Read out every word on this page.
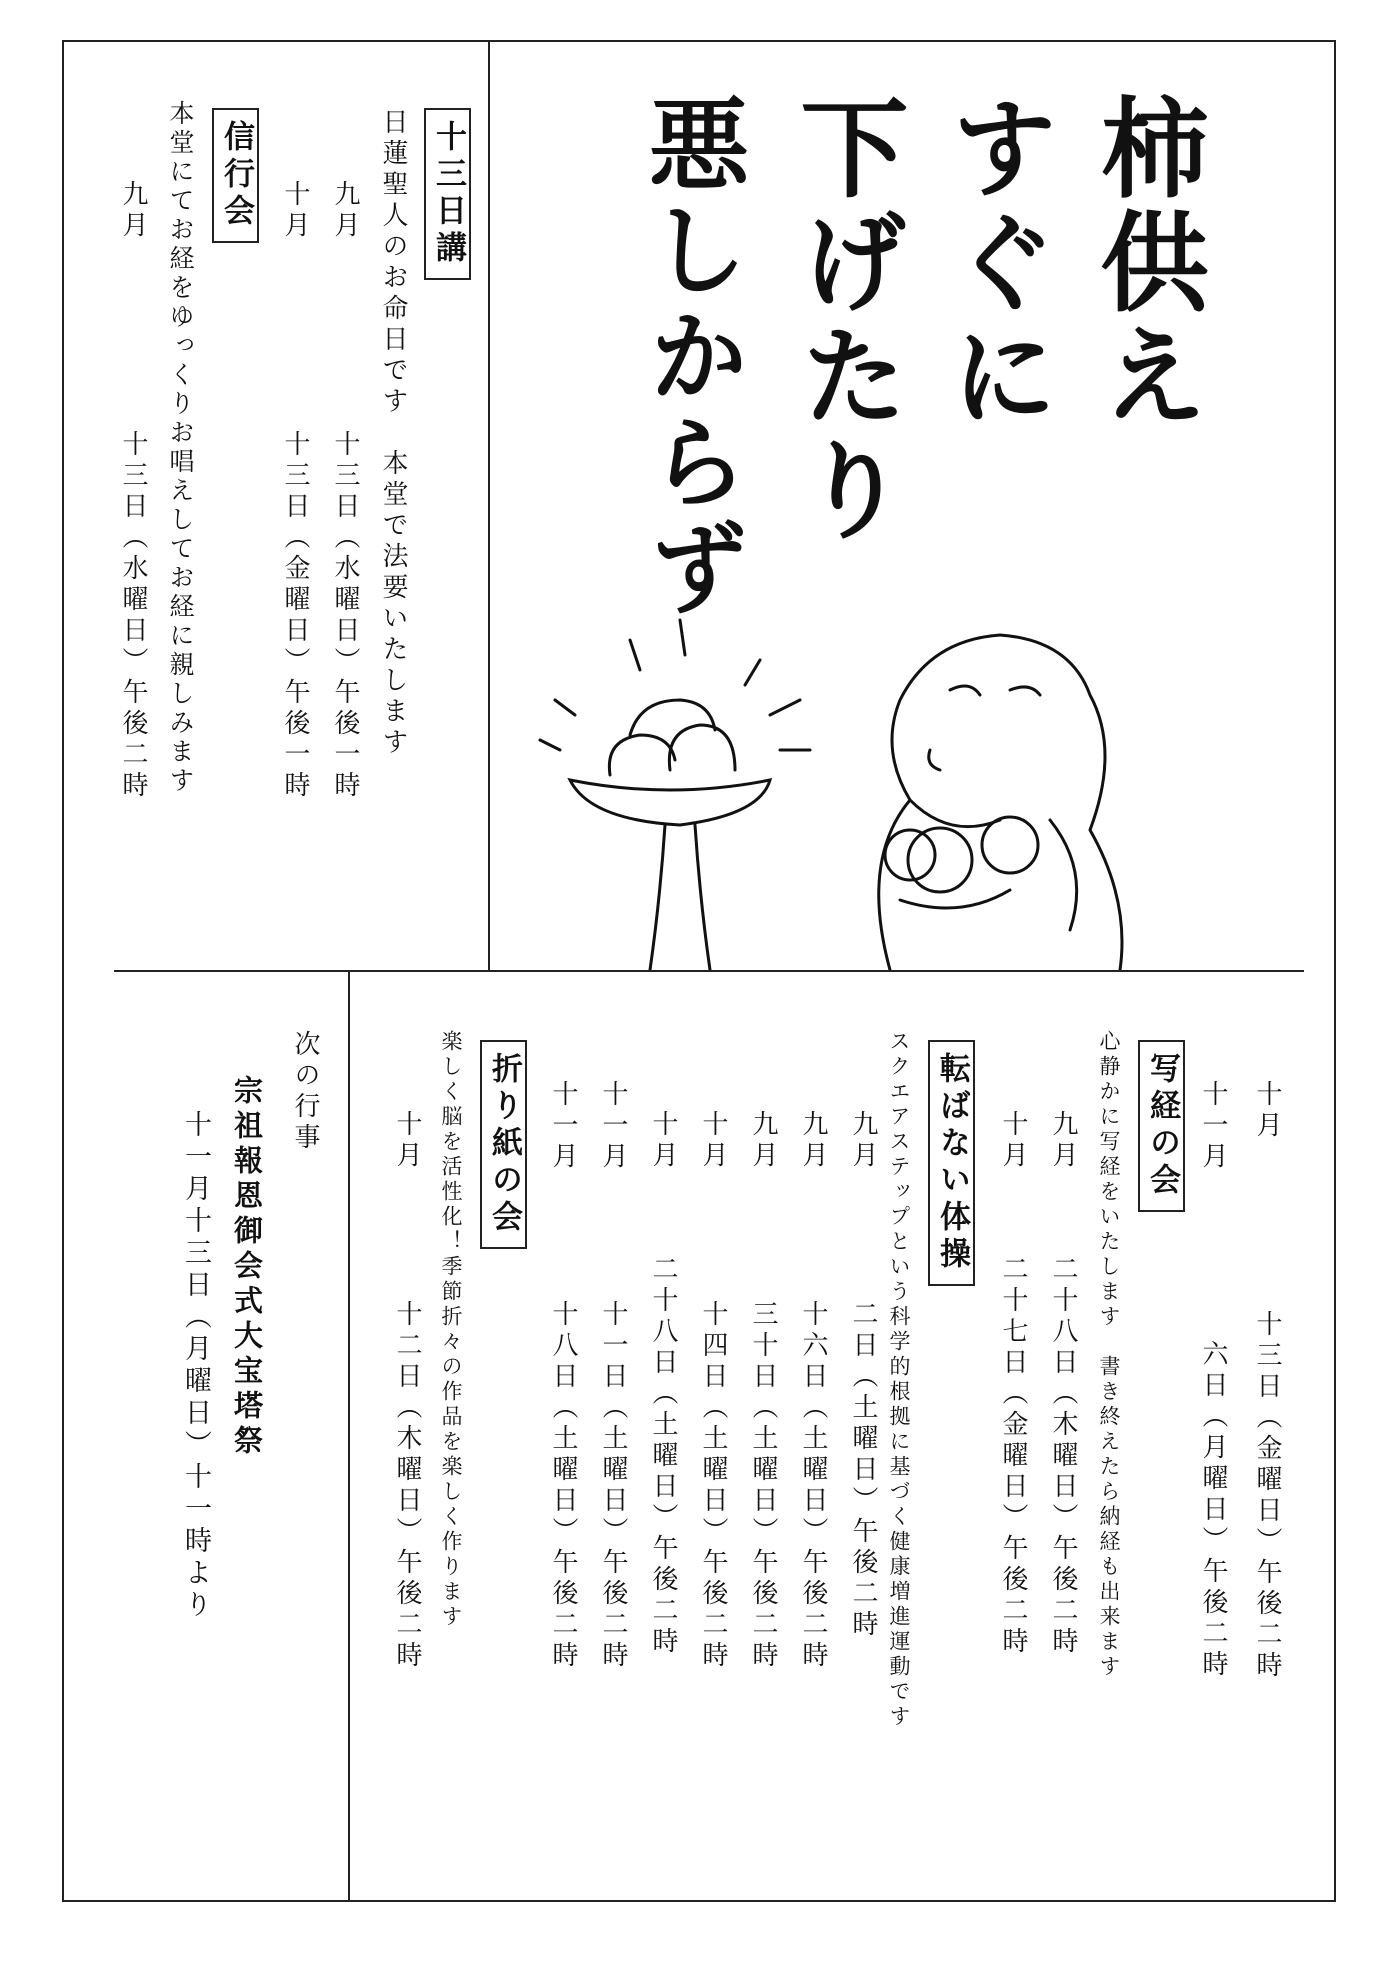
柿供え
すぐに
下げたり
悪しからず
十三日講
日蓮聖人のお命日です　本堂で法要いたします
九月
十三日（水曜日）午後一時
十月
十三日（金曜日）午後一時
信行会
本堂にてお経をゆっくりお唱えしてお経に親しみます
九月
十三日（水曜日）午後二時
写経の会
心静かに写経をいたします　書き終えたら納経も出来ます	十月
十三日（金曜日）午後二時
十一月
六日（月曜日）午後二時
九月
二十八日（木曜日）午後二時
十月
二十七日（金曜日）午後二時
転ばない体操
スクエアステップという科学的根拠に基づく健康増進運動です
九月
二日（土曜日）午後二時
九月
十六日（土曜日）午後二時
九月
三十日（土曜日）午後二時
十月
十四日（土曜日）午後二時
十月
二十八日（土曜日）午後二時
十一月
十一日（土曜日）午後二時
十一月
十八日（土曜日）午後二時
折り紙の会
楽しく脳を活性化！季節折々の作品を楽しく作ります
十月
十二日（木曜日）午後二時
次の行事
宗祖報恩御会式大宝塔祭
十一月十三日（月曜日）十一時より
